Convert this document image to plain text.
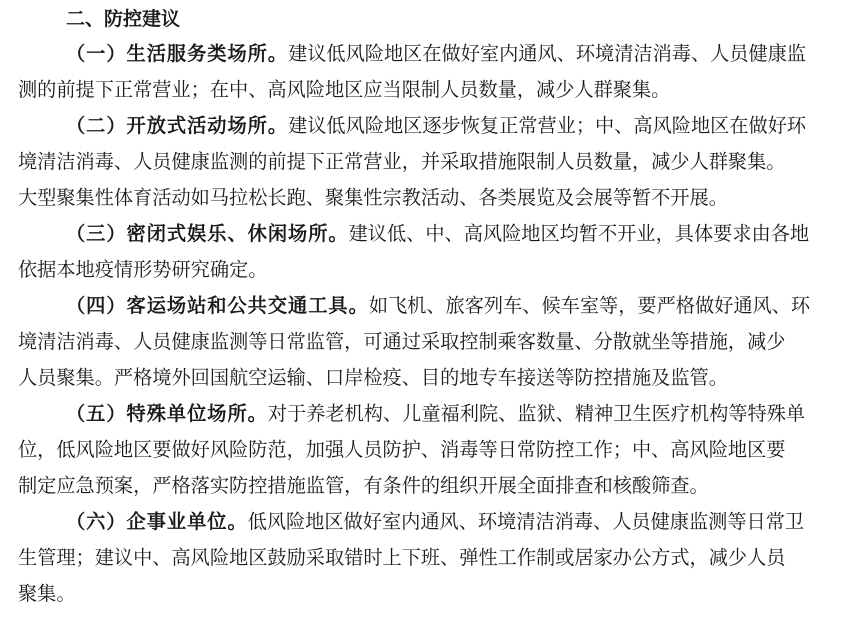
二、防控建议
（一）生活服务类场所。建议低风险地区在做好室内通风、环境清洁消毒、人员健康监
测的前提下正常营业；在中、高风险地区应当限制人员数量，减少人群聚集。
（二）开放式活动场所。建议低风险地区逐步恢复正常营业；中、高风险地区在做好环
境清洁消毒、人员健康监测的前提下正常营业，并采取措施限制人员数量，减少人群聚集。
大型聚集性体育活动如马拉松长跑、聚集性宗教活动、各类展览及会展等暂不开展。
（三）密闭式娱乐、休闲场所。建议低、中、高风险地区均暂不开业，具体要求由各地
依据本地疫情形势研究确定。
（四）客运场站和公共交通工具。如飞机、旅客列车、候车室等，要严格做好通风、环
境清洁消毒、人员健康监测等日常监管，可通过采取控制乘客数量、分散就坐等措施，减少
人员聚集。严格境外回国航空运输、口岸检疫、目的地专车接送等防控措施及监管。
（五）特殊单位场所。对于养老机构、儿童福利院、监狱、精神卫生医疗机构等特殊单
位，低风险地区要做好风险防范，加强人员防护、消毒等日常防控工作；中、高风险地区要
制定应急预案，严格落实防控措施监管，有条件的组织开展全面排查和核酸筛查。
（六）企事业单位。低风险地区做好室内通风、环境清洁消毒、人员健康监测等日常卫
生管理；建议中、高风险地区鼓励采取错时上下班、弹性工作制或居家办公方式，减少人员
聚集。
